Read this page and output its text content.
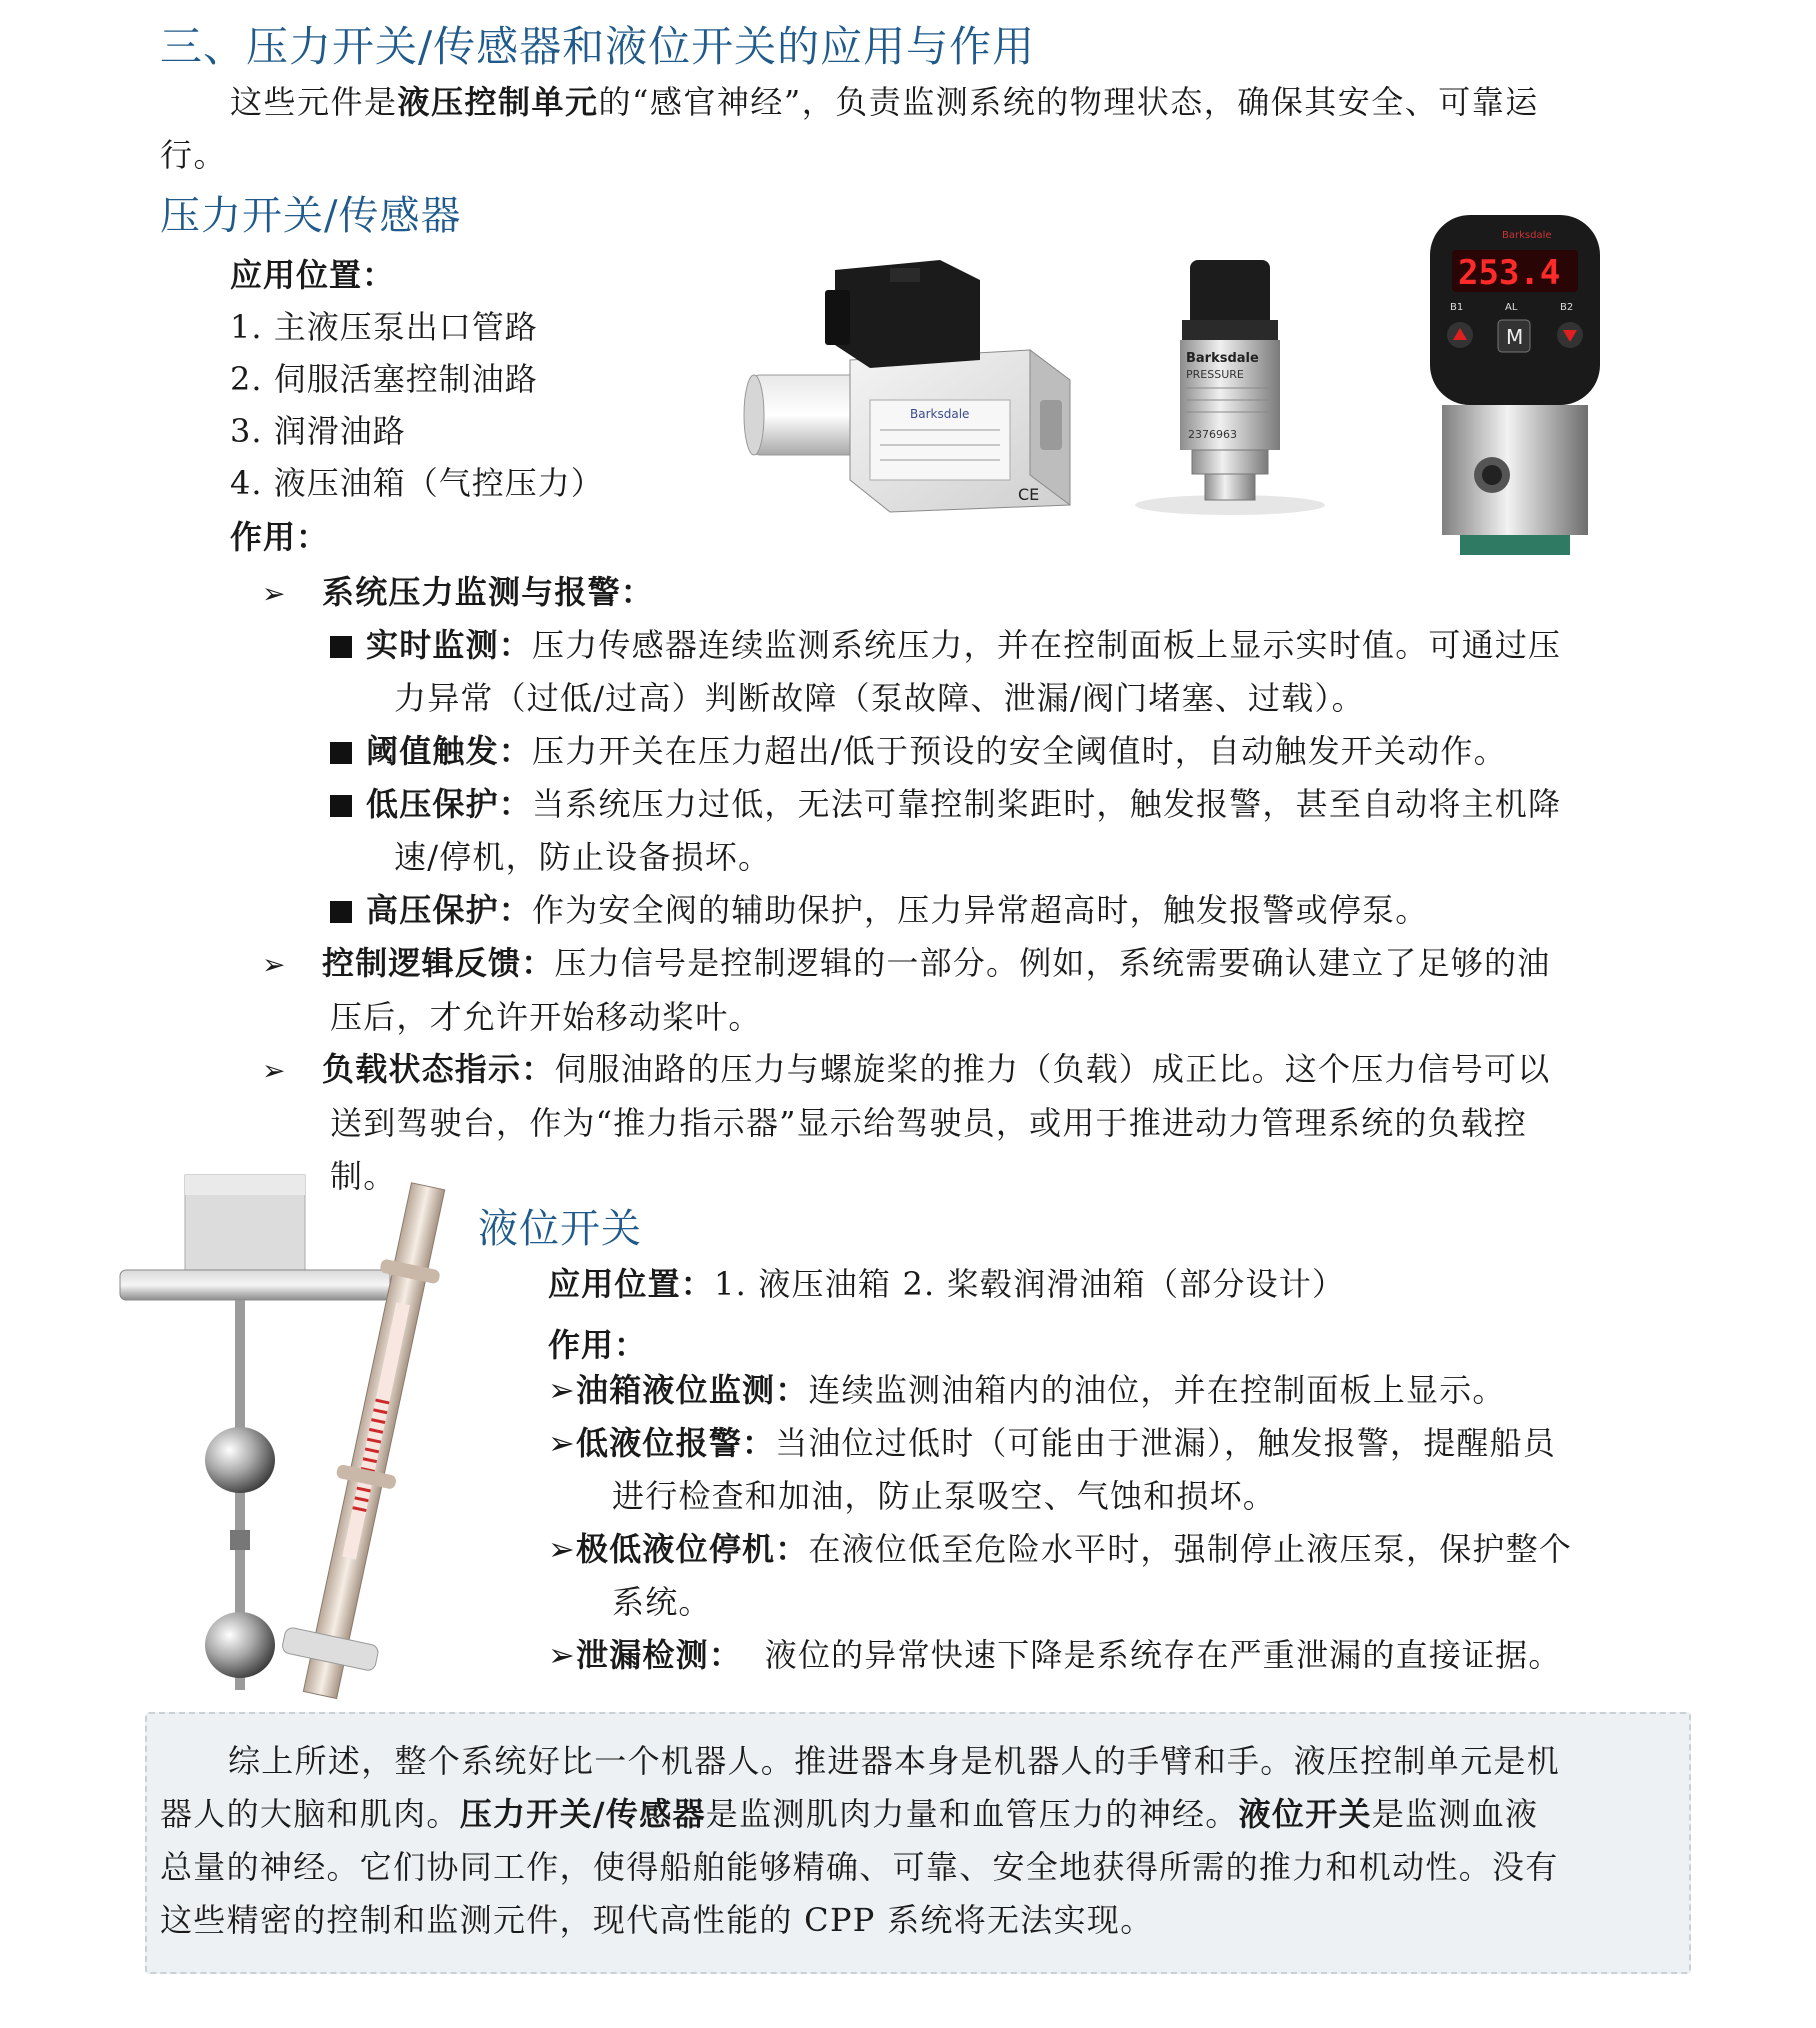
三、压力开关/传感器和液位开关的应用与作用
这些元件是液压控制单元的“感官神经”，负责监测系统的物理状态，确保其安全、可靠运
行。
压力开关/传感器
应用位置：
1. 主液压泵出口管路
2. 伺服活塞控制油路
3. 润滑油路
4. 液压油箱（气控压力）
作用：
Barksdale
CE
Barksdale
PRESSURE
2376963
253.4
Barksdale
B1	AL	B2
M
➢ 系统压力监测与报警：
实时监测：压力传感器连续监测系统压力，并在控制面板上显示实时值。可通过压
力异常（过低/过高）判断故障（泵故障、泄漏/阀门堵塞、过载）。
阈值触发：压力开关在压力超出/低于预设的安全阈值时，自动触发开关动作。
低压保护：当系统压力过低，无法可靠控制桨距时，触发报警，甚至自动将主机降
速/停机，防止设备损坏。
高压保护：作为安全阀的辅助保护，压力异常超高时，触发报警或停泵。
➢ 控制逻辑反馈：压力信号是控制逻辑的一部分。例如，系统需要确认建立了足够的油
压后，才允许开始移动桨叶。
➢ 负载状态指示：伺服油路的压力与螺旋桨的推力（负载）成正比。这个压力信号可以
送到驾驶台，作为“推力指示器”显示给驾驶员，或用于推进动力管理系统的负载控
制。
液位开关
应用位置：1. 液压油箱 2. 桨毂润滑油箱（部分设计）
作用：
➢油箱液位监测：连续监测油箱内的油位，并在控制面板上显示。
➢低液位报警：当油位过低时（可能由于泄漏），触发报警，提醒船员
进行检查和加油，防止泵吸空、气蚀和损坏。
➢极低液位停机：在液位低至危险水平时，强制停止液压泵，保护整个
系统。
➢泄漏检测：  液位的异常快速下降是系统存在严重泄漏的直接证据。
综上所述，整个系统好比一个机器人。推进器本身是机器人的手臂和手。液压控制单元是机
器人的大脑和肌肉。压力开关/传感器是监测肌肉力量和血管压力的神经。液位开关是监测血液
总量的神经。它们协同工作，使得船舶能够精确、可靠、安全地获得所需的推力和机动性。没有
这些精密的控制和监测元件，现代高性能的 CPP 系统将无法实现。
